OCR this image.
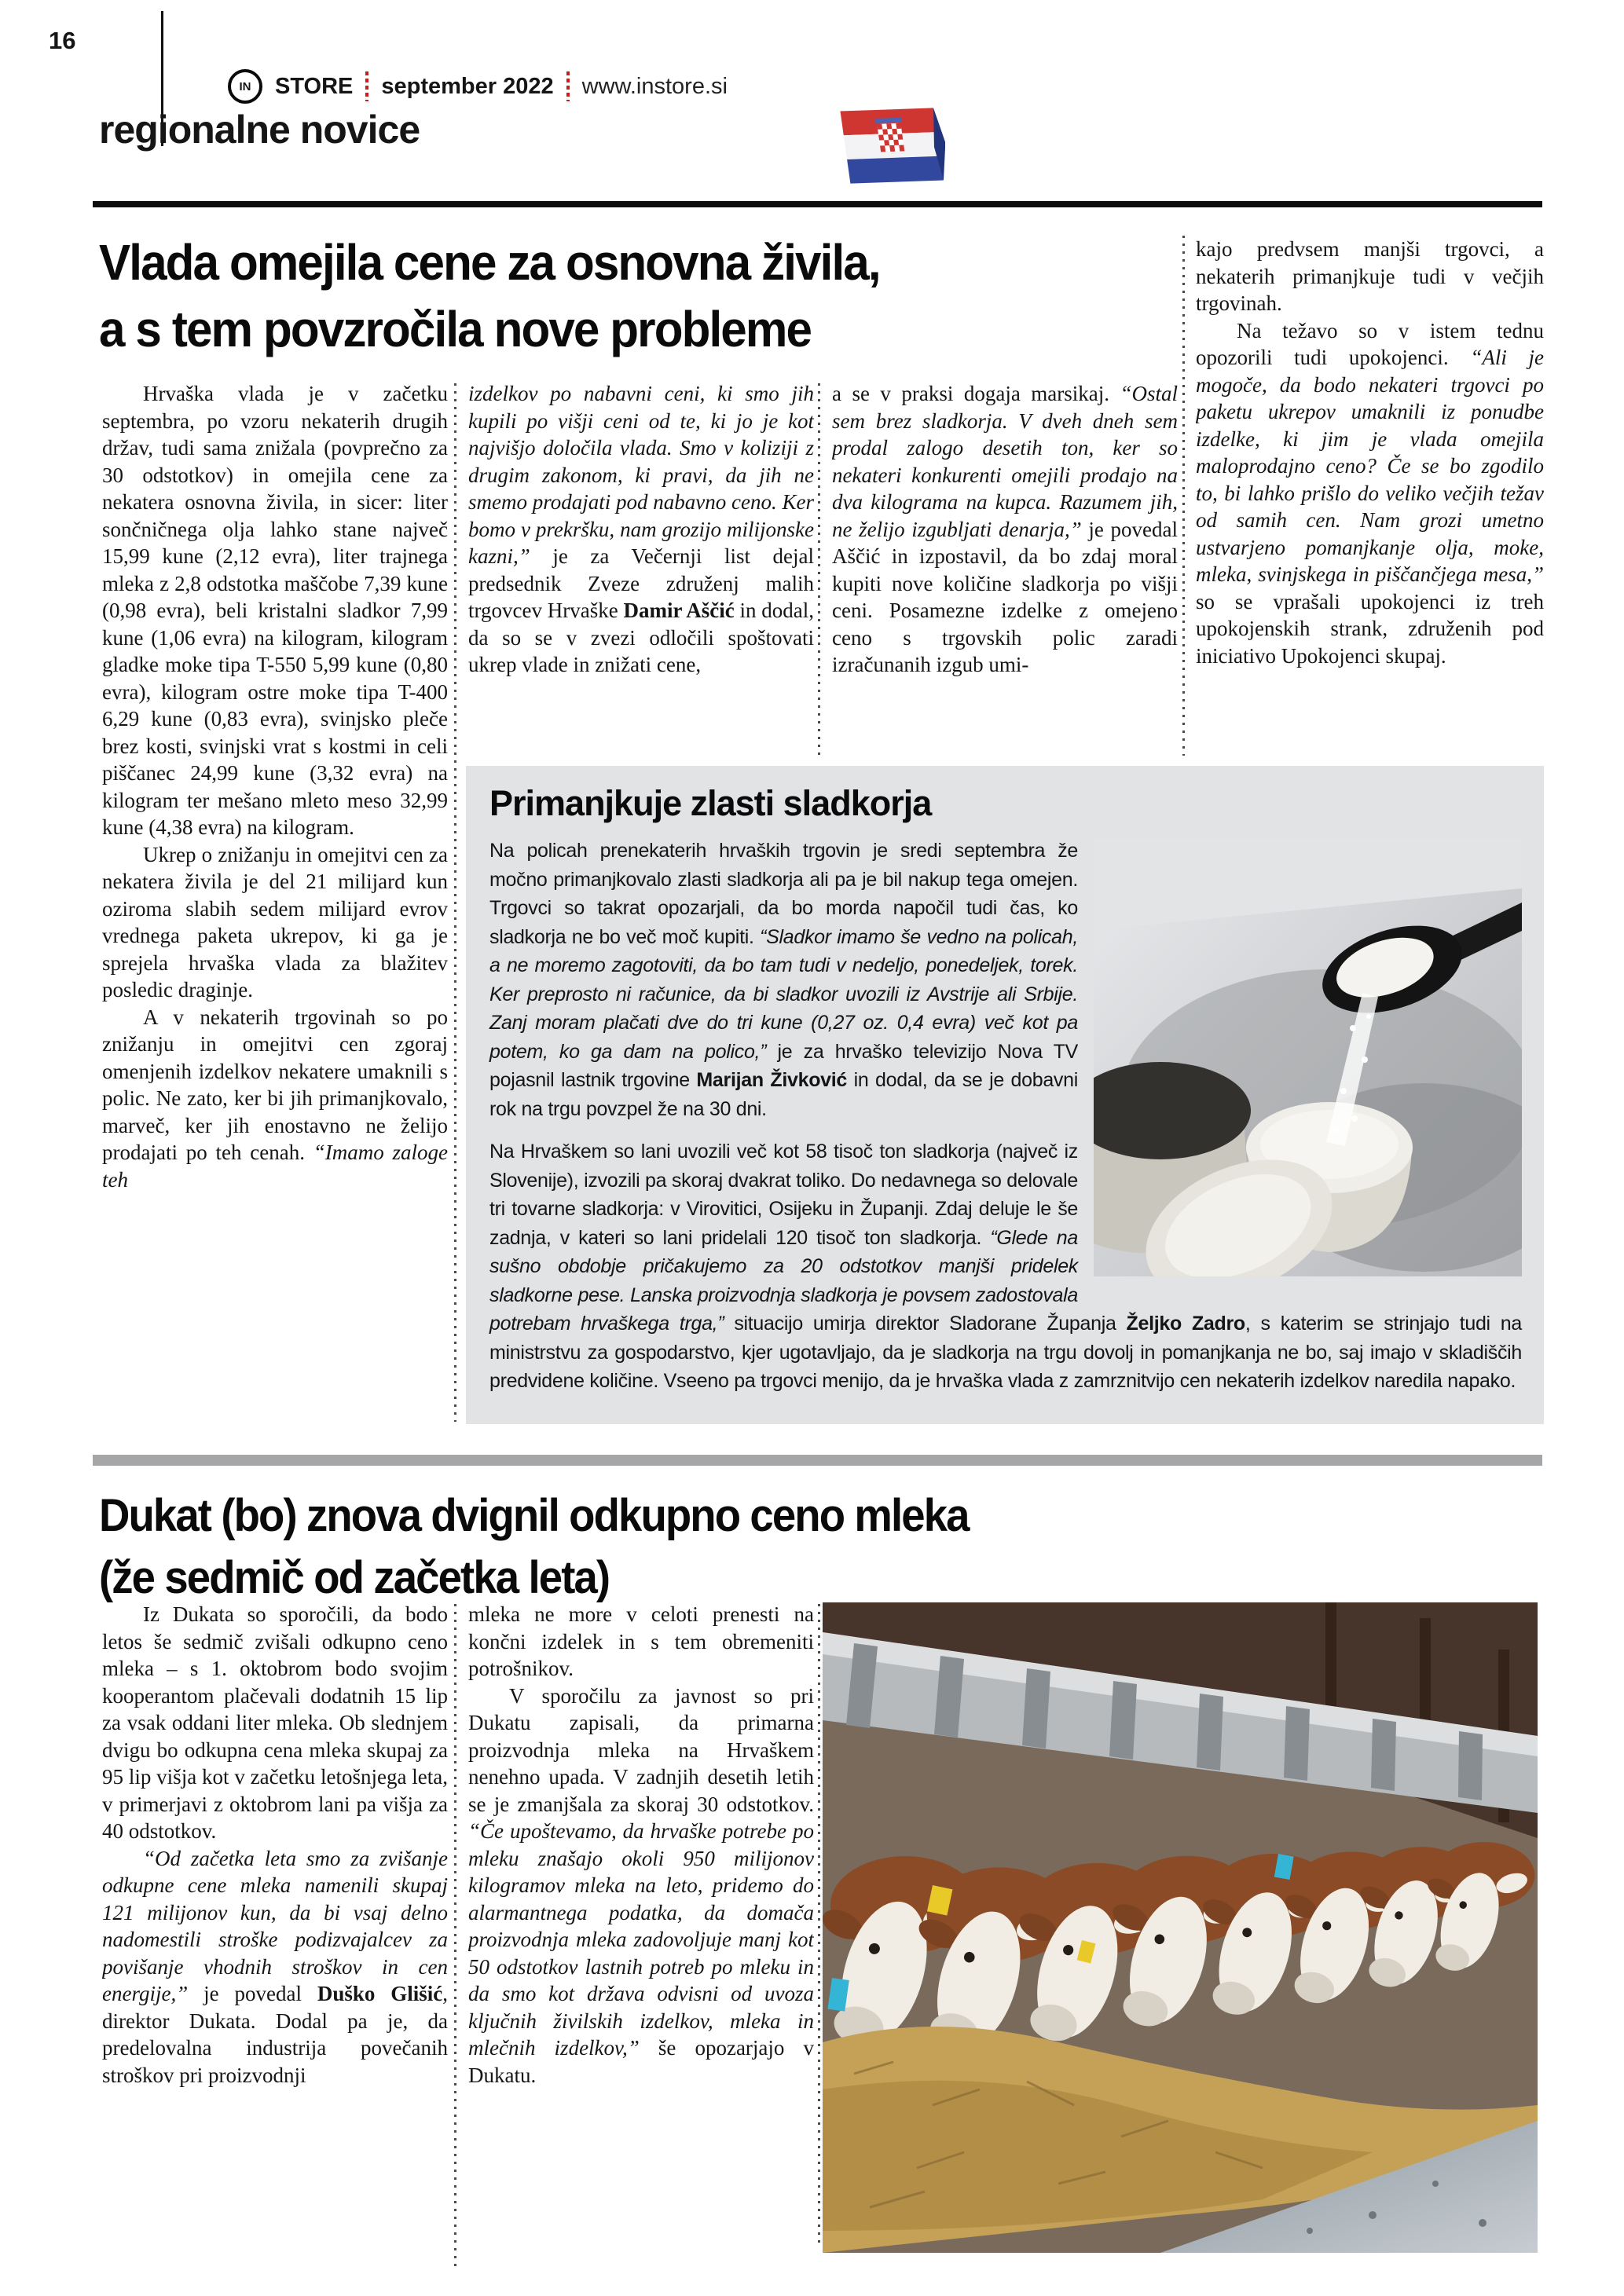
16
IN	STORE september 2022 www.instore.si
regionalne novice
Vlada omejila cene za osnovna živila,
a s tem povzročila nove probleme

Hrvaška vlada je v začetku septembra, po vzoru nekaterih drugih držav, tudi sama znižala (povprečno za 30 odstotkov) in omejila cene za nekatera osnovna živila, in sicer: liter sončničnega olja lahko stane največ 15,99 kune (2,12 evra), liter trajnega mleka z 2,8 odstotka maščobe 7,39 kune (0,98 evra), beli kristalni sladkor 7,99 kune (1,06 evra) na kilogram, kilogram gladke moke tipa T-550 5,99 kune (0,80 evra), kilogram ostre moke tipa T-400 6,29 kune (0,83 evra), svinjsko pleče brez kosti, svinjski vrat s kostmi in celi piščanec 24,99 kune (3,32 evra) na kilogram ter mešano mleto meso 32,99 kune (4,38 evra) na kilogram.

Ukrep o znižanju in omejitvi cen za nekatera živila je del 21 milijard kun oziroma slabih sedem milijard evrov vrednega paketa ukrepov, ki ga je sprejela hrvaška vlada za blažitev posledic draginje.

A v nekaterih trgovinah so po znižanju in omejitvi cen zgoraj omenjenih izdelkov nekatere umaknili s polic. Ne zato, ker bi jih primanjkovalo, marveč, ker jih enostavno ne želijo prodajati po teh cenah. “Imamo zaloge teh

izdelkov po nabavni ceni, ki smo jih kupili po višji ceni od te, ki jo je kot najvišjo določila vlada. Smo v koliziji z drugim zakonom, ki pravi, da jih ne smemo prodajati pod nabavno ceno. Ker bomo v prekršku, nam grozijo milijonske kazni,” je za Večernji list dejal predsednik Zveze združenj malih trgovcev Hrvaške Damir Aščić in dodal, da so se v zvezi odločili spoštovati ukrep vlade in znižati cene,

a se v praksi dogaja marsikaj. “Ostal sem brez sladkorja. V dveh dneh sem prodal zalogo desetih ton, ker so nekateri konkurenti omejili prodajo na dva kilograma na kupca. Razumem jih, ne želijo izgubljati denarja,” je povedal Aščić in izpostavil, da bo zdaj moral kupiti nove količine sladkorja po višji ceni. Posamezne izdelke z omejeno ceno s trgovskih polic zaradi izračunanih izgub umi-

kajo predvsem manjši trgovci, a nekaterih primanjkuje tudi v večjih trgovinah.

Na težavo so v istem tednu opozorili tudi upokojenci. “Ali je mogoče, da bodo nekateri trgovci po paketu ukrepov umaknili iz ponudbe izdelke, ki jim je vlada omejila maloprodajno ceno? Če se bo zgodilo to, bi lahko prišlo do veliko večjih težav od samih cen. Nam grozi umetno ustvarjeno pomanjkanje olja, moke, mleka, svinjskega in piščančjega mesa,” so se vprašali upokojenci iz treh upokojenskih strank, združenih pod iniciativo Upokojenci skupaj.

Primanjkuje zlasti sladkorja

Na policah prenekaterih hrvaških trgovin je sredi septembra že močno primanjkovalo zlasti sladkorja ali pa je bil nakup tega omejen. Trgovci so takrat opozarjali, da bo morda napočil tudi čas, ko sladkorja ne bo več moč kupiti. “Sladkor imamo še vedno na policah, a ne moremo zagotoviti, da bo tam tudi v nedeljo, ponedeljek, torek. Ker preprosto ni računice, da bi sladkor uvozili iz Avstrije ali Srbije. Zanj moram plačati dve do tri kune (0,27 oz. 0,4 evra) več kot pa potem, ko ga dam na polico,” je za hrvaško televizijo Nova TV pojasnil lastnik trgovine Marijan Živković in dodal, da se je dobavni rok na trgu povzpel že na 30 dni.

Na Hrvaškem so lani uvozili več kot 58 tisoč ton sladkorja (največ iz Slovenije), izvozili pa skoraj dvakrat toliko. Do nedavnega so delovale tri tovarne sladkorja: v Virovitici, Osijeku in Županji. Zdaj deluje le še zadnja, v kateri so lani pridelali 120 tisoč ton sladkorja. “Glede na sušno obdobje pričakujemo za 20 odstotkov manjši pridelek sladkorne pese. Lanska proizvodnja sladkorja je povsem zadostovala potrebam hrvaškega trga,” situacijo umirja direktor Sladorane Županja Željko Zadro, s katerim se strinjajo tudi na ministrstvu za gospodarstvo, kjer ugotavljajo, da je sladkorja na trgu dovolj in pomanjkanja ne bo, saj imajo v skladiščih predvidene količine. Vseeno pa trgovci menijo, da je hrvaška vlada z zamrznitvijo cen nekaterih izdelkov naredila napako.

Dukat (bo) znova dvignil odkupno ceno mleka
(že sedmič od začetka leta)

Iz Dukata so sporočili, da bodo letos še sedmič zvišali odkupno ceno mleka – s 1. oktobrom bodo svojim kooperantom plačevali dodatnih 15 lip za vsak oddani liter mleka. Ob slednjem dvigu bo odkupna cena mleka skupaj za 95 lip višja kot v začetku letošnjega leta, v primerjavi z oktobrom lani pa višja za 40 odstotkov.

“Od začetka leta smo za zvišanje odkupne cene mleka namenili skupaj 121 milijonov kun, da bi vsaj delno nadomestili stroške podizvajalcev za povišanje vhodnih stroškov in cen energije,” je povedal Duško Glišić, direktor Dukata. Dodal pa je, da predelovalna industrija povečanih stroškov pri proizvodnji

mleka ne more v celoti prenesti na končni izdelek in s tem obremeniti potrošnikov.

V sporočilu za javnost so pri Dukatu zapisali, da primarna proizvodnja mleka na Hrvaškem nenehno upada. V zadnjih desetih letih se je zmanjšala za skoraj 30 odstotkov. “Če upoštevamo, da hrvaške potrebe po mleku znašajo okoli 950 milijonov kilogramov mleka na leto, pridemo do alarmantnega podatka, da domača proizvodnja mleka zadovoljuje manj kot 50 odstotkov lastnih potreb po mleku in da smo kot država odvisni od uvoza ključnih živilskih izdelkov, mleka in mlečnih izdelkov,” še opozarjajo v Dukatu.
